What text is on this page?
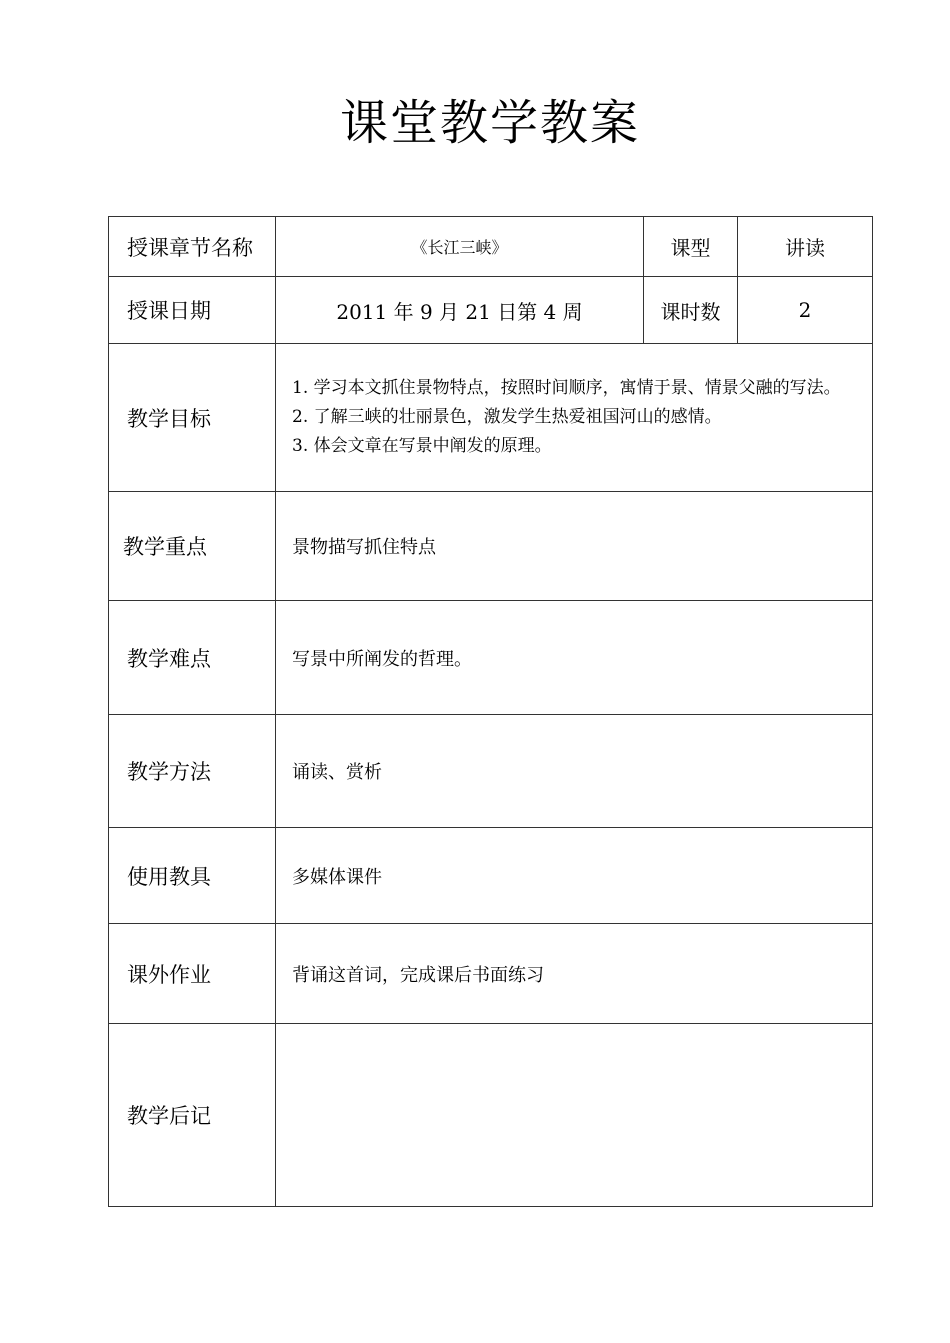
课堂教学教案
授课章节名称	《长江三峡》	课型	讲读
授课日期	2011 年 9 月 21 日第 4 周	课时数	2
教学目标	1. 学习本文抓住景物特点，按照时间顺序，寓情于景、情景父融的写法。
2. 了解三峡的壮丽景色，激发学生热爱祖国河山的感情。
3. 体会文章在写景中阐发的原理。		

教学重点	景物描写抓住特点		
教学难点	写景中所阐发的哲理。		
教学方法	诵读、赏析		
使用教具	多媒体课件		
课外作业	背诵这首词，完成课后书面练习		
教学后记			
